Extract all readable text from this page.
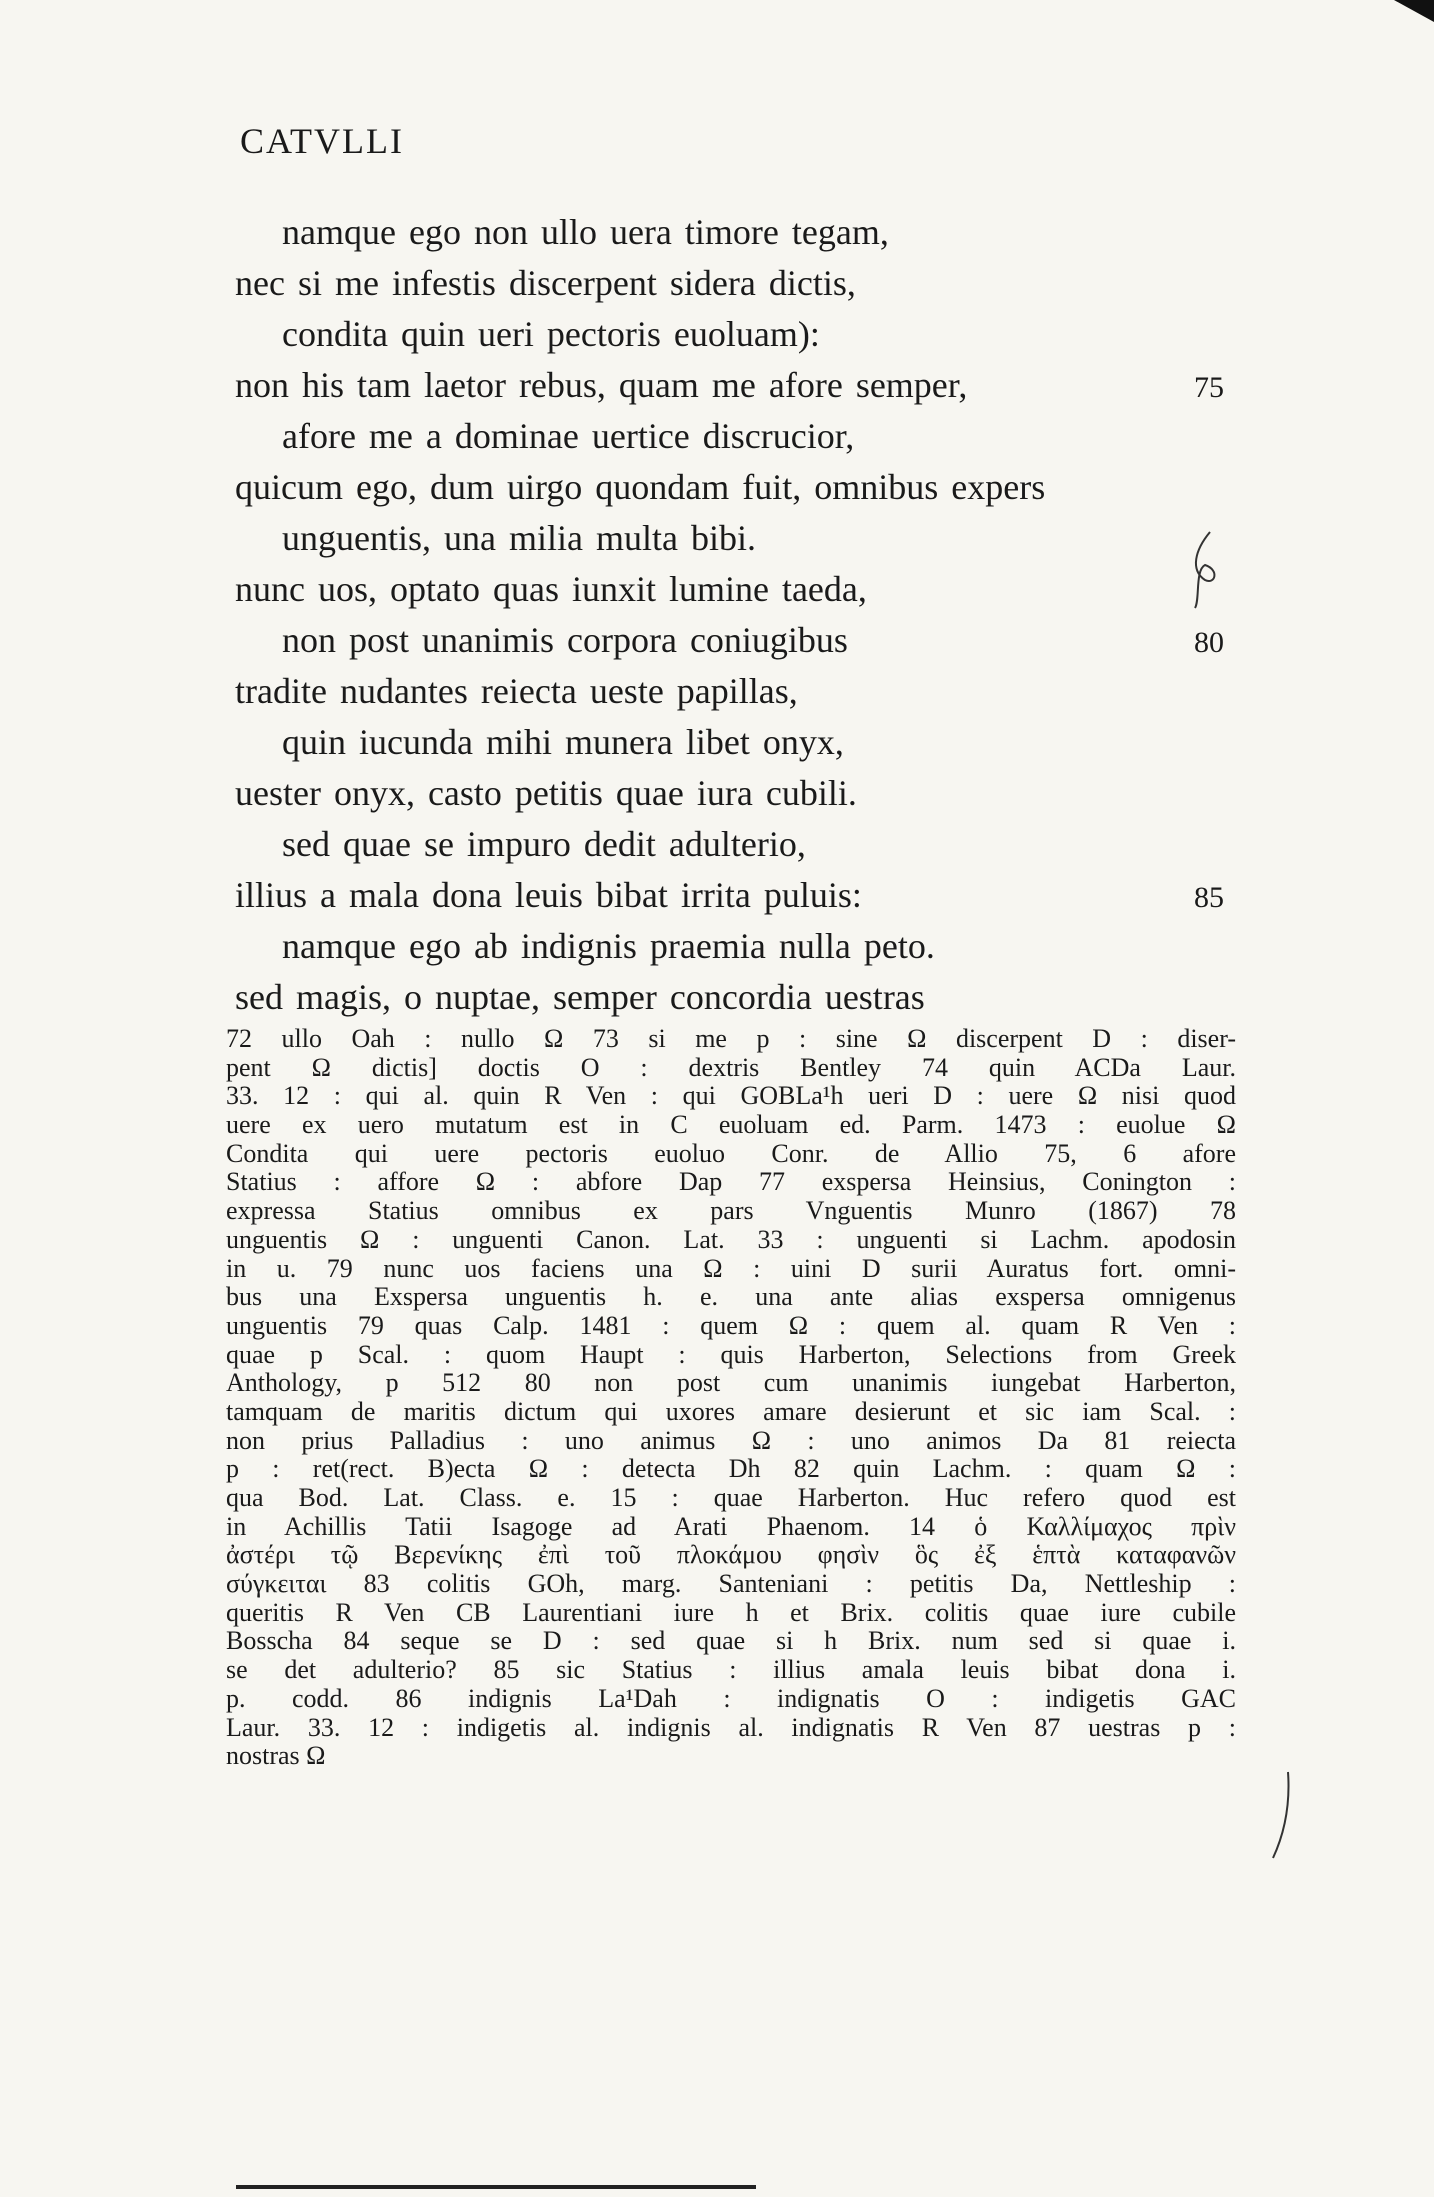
CATVLLI
namque ego non ullo uera timore tegam,
nec si me infestis discerpent sidera dictis,
condita quin ueri pectoris euoluam):
non his tam laetor rebus, quam me afore semper,	75
afore me a dominae uertice discrucior,
quicum ego, dum uirgo quondam fuit, omnibus expers
unguentis, una milia multa bibi.
nunc uos, optato quas iunxit lumine taeda,
non post unanimis corpora coniugibus	80
tradite nudantes reiecta ueste papillas,
quin iucunda mihi munera libet onyx,
uester onyx, casto petitis quae iura cubili.
sed quae se impuro dedit adulterio,
illius a mala dona leuis bibat irrita puluis:	85
namque ego ab indignis praemia nulla peto.
sed magis, o nuptae, semper concordia uestras
72 ullo Oah : nullo Ω 73 si me p : sine Ω discerpent D : diser-
pent Ω dictis] doctis O : dextris Bentley 74 quin ACDa Laur.
33. 12 : qui al. quin R Ven : qui GOBLa¹h ueri D : uere Ω nisi quod
uere ex uero mutatum est in C euoluam ed. Parm. 1473 : euolue Ω
Condita qui uere pectoris euoluo Conr. de Allio 75, 6 afore
Statius : affore Ω : abfore Dap 77 exspersa Heinsius, Conington :
expressa Statius omnibus ex pars Vnguentis Munro (1867) 78
unguentis Ω : unguenti Canon. Lat. 33 : unguenti si Lachm. apodosin
in u. 79 nunc uos faciens una Ω : uini D surii Auratus fort. omni-
bus una Exspersa unguentis h. e. una ante alias exspersa omnigenus
unguentis 79 quas Calp. 1481 : quem Ω : quem al. quam R Ven :
quae p Scal. : quom Haupt : quis Harberton, Selections from Greek
Anthology, p 512 80 non post cum unanimis iungebat Harberton,
tamquam de maritis dictum qui uxores amare desierunt et sic iam Scal. :
non prius Palladius : uno animus Ω : uno animos Da 81 reiecta
p : ret(rect. B)ecta Ω : detecta Dh 82 quin Lachm. : quam Ω :
qua Bod. Lat. Class. e. 15 : quae Harberton. Huc refero quod est
in Achillis Tatii Isagoge ad Arati Phaenom. 14 ὁ Καλλίμαχος πρὶν
ἀστέρι τῷ Βερενίκης ἐπὶ τοῦ πλοκάμου φησὶν ὃς ἐξ ἑπτὰ καταφανῶν
σύγκειται 83 colitis GOh, marg. Santeniani : petitis Da, Nettleship :
queritis R Ven CB Laurentiani iure h et Brix. colitis quae iure cubile
Bosscha 84 seque se D : sed quae si h Brix. num sed si quae i.
se det adulterio? 85 sic Statius : illius amala leuis bibat dona i.
p. codd. 86 indignis La¹Dah : indignatis O : indigetis GAC
Laur. 33. 12 : indigetis al. indignis al. indignatis R Ven 87 uestras p :
nostras Ω
